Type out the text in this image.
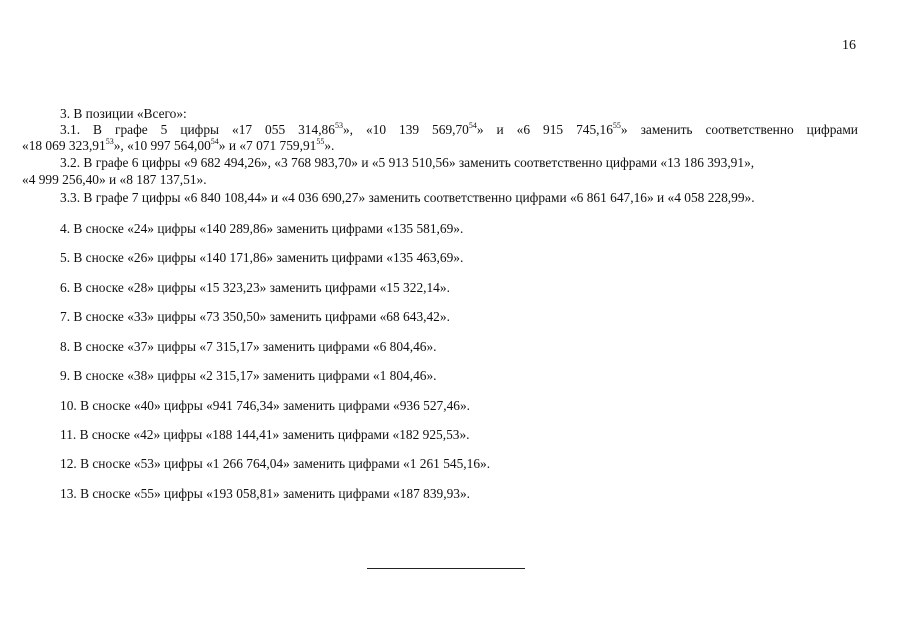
16
3. В позиции «Всего»:
3.1. В графе 5 цифры «17 055 314,86$^{53}$», «10 139 569,70$^{54}$» и «6 915 745,16$^{55}$» заменить соответственно цифрами
«18 069 323,91$^{53}$», «10 997 564,00$^{54}$» и «7 071 759,91$^{55}$».
3.2. В графе 6 цифры «9 682 494,26», «3 768 983,70» и «5 913 510,56» заменить соответственно цифрами «13 186 393,91»,
«4 999 256,40» и «8 187 137,51».
3.3. В графе 7 цифры «6 840 108,44» и «4 036 690,27» заменить соответственно цифрами «6 861 647,16» и «4 058 228,99».
4. В сноске «24» цифры «140 289,86» заменить цифрами «135 581,69».
5. В сноске «26» цифры «140 171,86» заменить цифрами «135 463,69».
6. В сноске «28» цифры «15 323,23» заменить цифрами «15 322,14».
7. В сноске «33» цифры «73 350,50» заменить цифрами «68 643,42».
8. В сноске «37» цифры «7 315,17» заменить цифрами «6 804,46».
9. В сноске «38» цифры «2 315,17» заменить цифрами «1 804,46».
10. В сноске «40» цифры «941 746,34» заменить цифрами «936 527,46».
11. В сноске «42» цифры «188 144,41» заменить цифрами «182 925,53».
12. В сноске «53» цифры «1 266 764,04» заменить цифрами «1 261 545,16».
13. В сноске «55» цифры «193 058,81» заменить цифрами «187 839,93».
